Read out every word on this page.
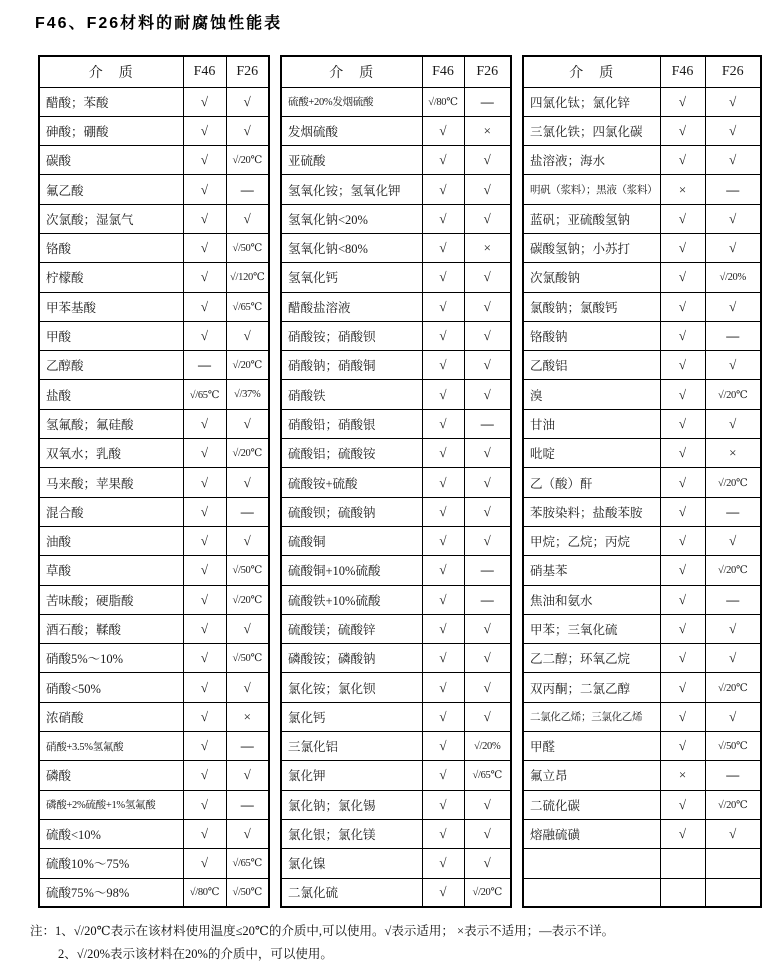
F46、F26材料的耐腐蚀性能表
介　质	F46	F26
醋酸；苯酸	√	√
砷酸；硼酸	√	√
碳酸	√	√/20℃
氟乙酸	√	—
次氯酸；湿氯气	√	√
铬酸	√	√/50℃
柠檬酸	√	√/120℃
甲苯基酸	√	√/65℃
甲酸	√	√
乙醇酸	—	√/20℃
盐酸	√/65℃	√/37%
氢氟酸；氟硅酸	√	√
双氧水；乳酸	√	√/20℃
马来酸；苹果酸	√	√
混合酸	√	—
油酸	√	√
草酸	√	√/50℃
苦味酸；硬脂酸	√	√/20℃
酒石酸；鞣酸	√	√
硝酸5%～10%	√	√/50℃
硝酸<50%	√	√
浓硝酸	√	×
硝酸+3.5%氢氟酸	√	—
磷酸	√	√
磷酸+2%硫酸+1%氢氟酸	√	—
硫酸<10%	√	√
硫酸10%～75%	√	√/65℃
硫酸75%～98%	√/80℃	√/50℃
介　质	F46	F26
硫酸+20%发烟硫酸	√/80℃	—
发烟硫酸	√	×
亚硫酸	√	√
氢氧化铵；氢氧化钾	√	√
氢氧化钠<20%	√	√
氢氧化钠<80%	√	×
氢氧化钙	√	√
醋酸盐溶液	√	√
硝酸铵；硝酸钡	√	√
硝酸钠；硝酸铜	√	√
硝酸铁	√	√
硝酸铅；硝酸银	√	—
硫酸铝；硫酸铵	√	√
硫酸铵+硫酸	√	√
硫酸钡；硫酸钠	√	√
硫酸铜	√	√
硫酸铜+10%硫酸	√	—
硫酸铁+10%硫酸	√	—
硫酸镁；硫酸锌	√	√
磷酸铵；磷酸钠	√	√
氯化铵；氯化钡	√	√
氯化钙	√	√
三氯化铝	√	√/20%
氯化钾	√	√/65℃
氯化钠；氯化锡	√	√
氯化银；氯化镁	√	√
氯化镍	√	√
二氯化硫	√	√/20℃
介　质	F46	F26
四氯化钛；氯化锌	√	√
三氯化铁；四氯化碳	√	√
盐溶液；海水	√	√
明矾（浆料）；黑液（浆料）	×	—
蓝矾；亚硫酸氢钠	√	√
碳酸氢钠；小苏打	√	√
次氯酸钠	√	√/20%
氯酸钠；氯酸钙	√	√
铬酸钠	√	—
乙酸铝	√	√
溴	√	√/20℃
甘油	√	√
吡啶	√	×
乙（酸）酐	√	√/20℃
苯胺染料；盐酸苯胺	√	—
甲烷；乙烷；丙烷	√	√
硝基苯	√	√/20℃
焦油和氨水	√	—
甲苯；三氧化硫	√	√
乙二醇；环氧乙烷	√	√
双丙酮；二氯乙醇	√	√/20℃
二氯化乙烯；三氯化乙烯	√	√
甲醛	√	√/50℃
氟立昂	×	—
二硫化碳	√	√/20℃
熔融硫磺	√	√

注：1、√/20℃表示在该材料使用温度≤20℃的介质中,可以使用。√表示适用； ×表示不适用；—表示不详。
2、√/20%表示该材料在20%的介质中，可以使用。
